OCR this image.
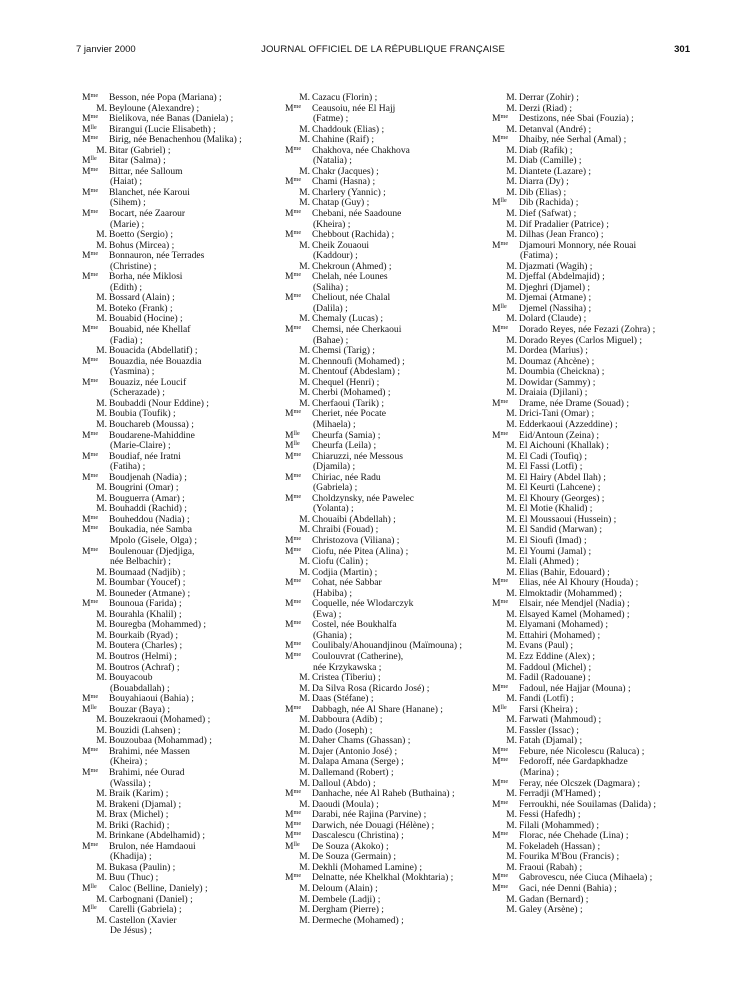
7 janvier 2000	JOURNAL OFFICIEL DE LA RÉPUBLIQUE FRANÇAISE	301
$M^{me}$ Besson, née Popa (Mariana) ;
M. Beyloune (Alexandre) ;
$M^{me}$ Bielikova, née Banas (Daniela) ;
$M^{lle}$ Birangui (Lucie Elisabeth) ;
$M^{me}$ Birig, née Benachenhou (Malika) ;
M. Bitar (Gabriel) ;
$M^{lle}$ Bitar (Salma) ;
$M^{me}$ Bittar, née Salloum
(Haiat) ;
$M^{me}$ Blanchet, née Karoui
(Sihem) ;
$M^{me}$ Bocart, née Zaarour
(Marie) ;
M. Boetto (Sergio) ;
M. Bohus (Mircea) ;
$M^{me}$ Bonnauron, née Terrades
(Christine) ;
$M^{me}$ Borha, née Miklosi
(Edith) ;
M. Bossard (Alain) ;
M. Boteko (Frank) ;
M. Bouabid (Hocine) ;
$M^{me}$ Bouabid, née Khellaf
(Fadia) ;
M. Bouacida (Abdellatif) ;
$M^{me}$ Bouazdia, née Bouazdia
(Yasmina) ;
$M^{me}$ Bouaziz, née Loucif
(Scherazade) ;
M. Boubaddi (Nour Eddine) ;
M. Boubia (Toufik) ;
M. Bouchareb (Moussa) ;
$M^{me}$ Boudarene-Mahiddine
(Marie-Claire) ;
$M^{me}$ Boudiaf, née Iratni
(Fatiha) ;
$M^{me}$ Boudjenah (Nadia) ;
M. Bougrini (Omar) ;
M. Bouguerra (Amar) ;
M. Bouhaddi (Rachid) ;
$M^{me}$ Bouheddou (Nadia) ;
$M^{me}$ Boukadia, née Samba
Mpolo (Gisele, Olga) ;
$M^{me}$ Boulenouar (Djedjiga,
née Belbachir) ;
M. Boumaad (Nadjib) ;
M. Boumbar (Youcef) ;
M. Bouneder (Atmane) ;
$M^{me}$ Bounoua (Farida) ;
M. Bourahla (Khalil) ;
M. Bouregba (Mohammed) ;
M. Bourkaib (Ryad) ;
M. Boutera (Charles) ;
M. Boutros (Helmi) ;
M. Boutros (Achraf) ;
M. Bouyacoub
(Bouabdallah) ;
$M^{me}$ Bouyahiaoui (Bahia) ;
$M^{lle}$ Bouzar (Baya) ;
M. Bouzekraoui (Mohamed) ;
M. Bouzidi (Lahsen) ;
M. Bouzoubaa (Mohammad) ;
$M^{me}$ Brahimi, née Massen
(Kheira) ;
$M^{me}$ Brahimi, née Ourad
(Wassila) ;
M. Braik (Karim) ;
M. Brakeni (Djamal) ;
M. Brax (Michel) ;
M. Briki (Rachid) ;
M. Brinkane (Abdelhamid) ;
$M^{me}$ Brulon, née Hamdaoui
(Khadija) ;
M. Bukasa (Paulin) ;
M. Buu (Thuc) ;
$M^{lle}$ Caloc (Belline, Daniely) ;
M. Carbognani (Daniel) ;
$M^{lle}$ Carelli (Gabriela) ;
M. Castellon (Xavier
De Jésus) ;
M. Cazacu (Florin) ;
$M^{me}$ Ceausoiu, née El Hajj
(Fatme) ;
M. Chaddouk (Elias) ;
M. Chahine (Raif) ;
$M^{me}$ Chakhova, née Chakhova
(Natalia) ;
M. Chakr (Jacques) ;
$M^{me}$ Chami (Hasna) ;
M. Charlery (Yannic) ;
M. Chatap (Guy) ;
$M^{me}$ Chebani, née Saadoune
(Kheira) ;
$M^{me}$ Chebbout (Rachida) ;
M. Cheik Zouaoui
(Kaddour) ;
M. Chekroun (Ahmed) ;
$M^{me}$ Chelah, née Lounes
(Saliha) ;
$M^{me}$ Cheliout, née Chalal
(Dalila) ;
M. Chemaly (Lucas) ;
$M^{me}$ Chemsi, née Cherkaoui
(Bahae) ;
M. Chemsi (Tarig) ;
M. Chennoufi (Mohamed) ;
M. Chentouf (Abdeslam) ;
M. Chequel (Henri) ;
M. Cherbi (Mohamed) ;
M. Cherfaoui (Tarik) ;
$M^{me}$ Cheriet, née Pocate
(Mihaela) ;
$M^{lle}$ Cheurfa (Samia) ;
$M^{lle}$ Cheurfa (Leila) ;
$M^{me}$ Chiaruzzi, née Messous
(Djamila) ;
$M^{me}$ Chiriac, née Radu
(Gabriela) ;
$M^{me}$ Choldzynsky, née Pawelec
(Yolanta) ;
M. Chouaibi (Abdellah) ;
M. Chraibi (Fouad) ;
$M^{me}$ Christozova (Viliana) ;
$M^{me}$ Ciofu, née Pitea (Alina) ;
M. Ciofu (Calin) ;
M. Codjia (Martin) ;
$M^{me}$ Cohat, née Sabbar
(Habiba) ;
$M^{me}$ Coquelle, née Wlodarczyk
(Ewa) ;
$M^{me}$ Costel, née Boukhalfa
(Ghania) ;
$M^{me}$ Coulibaly/Ahouandjinou (Maïmouna) ;
$M^{me}$ Coulouvrat (Catherine),
née Krzykawska ;
M. Cristea (Tiberiu) ;
M. Da Silva Rosa (Ricardo José) ;
M. Daas (Stéfane) ;
$M^{me}$ Dabbagh, née Al Share (Hanane) ;
M. Dabboura (Adib) ;
M. Dado (Joseph) ;
M. Daher Chams (Ghassan) ;
M. Dajer (Antonio José) ;
M. Dalapa Amana (Serge) ;
M. Dallemand (Robert) ;
M. Dalloul (Abdo) ;
$M^{me}$ Danhache, née Al Raheb (Buthaina) ;
M. Daoudi (Moula) ;
$M^{me}$ Darabi, née Rajina (Parvine) ;
$M^{me}$ Darwich, née Douagi (Hélène) ;
$M^{me}$ Dascalescu (Christina) ;
$M^{lle}$ De Souza (Akoko) ;
M. De Souza (Germain) ;
M. Dekhli (Mohamed Lamine) ;
$M^{me}$ Delnatte, née Khelkhal (Mokhtaria) ;
M. Deloum (Alain) ;
M. Dembele (Ladji) ;
M. Dergham (Pierre) ;
M. Dermeche (Mohamed) ;
M. Derrar (Zohir) ;
M. Derzi (Riad) ;
$M^{me}$ Destizons, née Sbai (Fouzia) ;
M. Detanval (André) ;
$M^{me}$ Dhaiby, née Serhal (Amal) ;
M. Diab (Rafik) ;
M. Diab (Camille) ;
M. Diantete (Lazare) ;
M. Diarra (Dy) ;
M. Dib (Elias) ;
$M^{lle}$ Dib (Rachida) ;
M. Dief (Safwat) ;
M. Dif Pradalier (Patrice) ;
M. Dilhas (Jean Franco) ;
$M^{me}$ Djamouri Monnory, née Rouai
(Fatima) ;
M. Djazmati (Wagih) ;
M. Djeffal (Abdelmajid) ;
M. Djeghri (Djamel) ;
M. Djemai (Atmane) ;
$M^{lle}$ Djemel (Nassiha) ;
M. Dolard (Claude) ;
$M^{me}$ Dorado Reyes, née Fezazi (Zohra) ;
M. Dorado Reyes (Carlos Miguel) ;
M. Dordea (Marius) ;
M. Doumaz (Ahcène) ;
M. Doumbia (Cheickna) ;
M. Dowidar (Sammy) ;
M. Draiaia (Djilani) ;
$M^{me}$ Drame, née Drame (Souad) ;
M. Drici-Tani (Omar) ;
M. Edderkaoui (Azzeddine) ;
$M^{me}$ Eid/Antoun (Zeina) ;
M. El Aichouni (Khallak) ;
M. El Cadi (Toufiq) ;
M. El Fassi (Lotfi) ;
M. El Hairy (Abdel Ilah) ;
M. El Keurti (Lahcene) ;
M. El Khoury (Georges) ;
M. El Motie (Khalid) ;
M. El Moussaoui (Hussein) ;
M. El Sandid (Marwan) ;
M. El Sioufi (Imad) ;
M. El Youmi (Jamal) ;
M. Elali (Ahmed) ;
M. Elias (Bahir, Edouard) ;
$M^{me}$ Elias, née Al Khoury (Houda) ;
M. Elmoktadir (Mohammed) ;
$M^{me}$ Elsair, née Mendjel (Nadia) ;
M. Elsayed Kamel (Mohamed) ;
M. Elyamani (Mohamed) ;
M. Ettahiri (Mohamed) ;
M. Evans (Paul) ;
M. Ezz Eddine (Alex) ;
M. Faddoul (Michel) ;
M. Fadil (Radouane) ;
$M^{me}$ Fadoul, née Hajjar (Mouna) ;
M. Fandi (Lotfi) ;
$M^{lle}$ Farsi (Kheira) ;
M. Farwati (Mahmoud) ;
M. Fassler (Issac) ;
M. Fatah (Djamal) ;
$M^{me}$ Febure, née Nicolescu (Raluca) ;
$M^{me}$ Fedoroff, née Gardapkhadze
(Marina) ;
$M^{me}$ Feray, née Olcszek (Dagmara) ;
M. Ferradji (M'Hamed) ;
$M^{me}$ Ferroukhi, née Souilamas (Dalida) ;
M. Fessi (Hafedh) ;
M. Filali (Mohammed) ;
$M^{me}$ Florac, née Chehade (Lina) ;
M. Fokeladeh (Hassan) ;
M. Fourika M'Bou (Francis) ;
M. Fraoui (Rabah) ;
$M^{me}$ Gabrovescu, née Ciuca (Mihaela) ;
$M^{me}$ Gaci, née Denni (Bahia) ;
M. Gadan (Bernard) ;
M. Galey (Arsène) ;
